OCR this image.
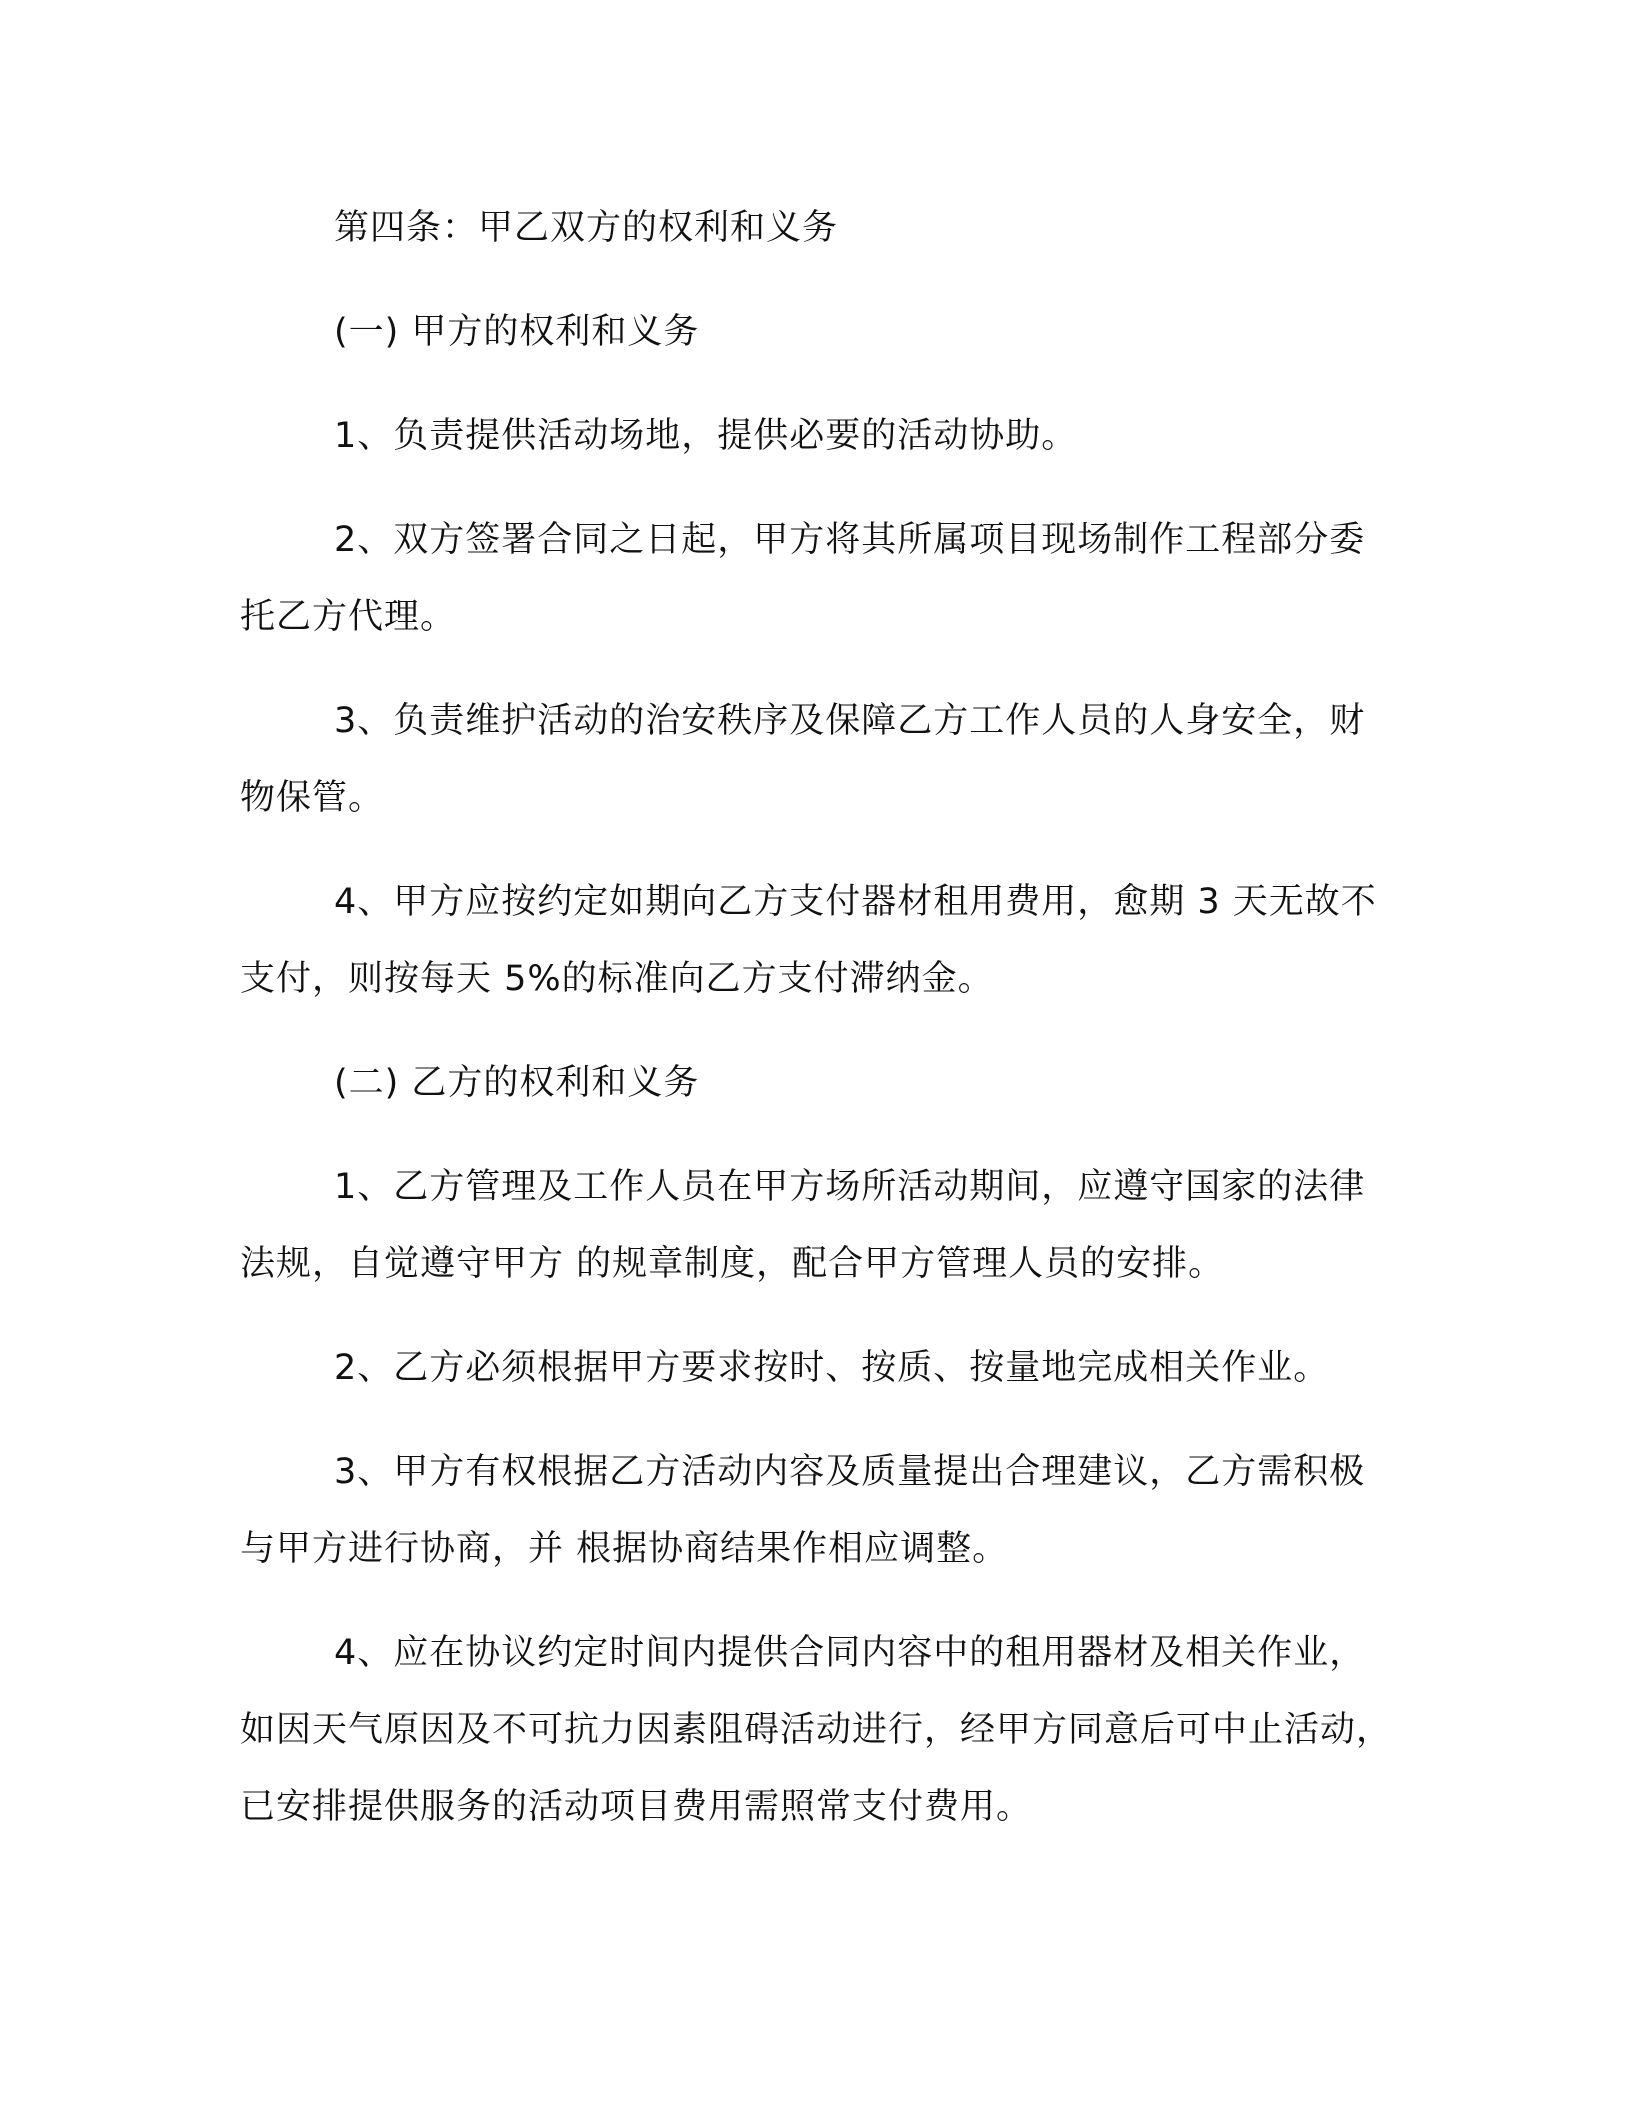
第四条：甲乙双方的权利和义务

(一) 甲方的权利和义务

1、负责提供活动场地，提供必要的活动协助。

2、双方签署合同之日起，甲方将其所属项目现场制作工程部分委托乙方代理。

3、负责维护活动的治安秩序及保障乙方工作人员的人身安全，财物保管。

4、甲方应按约定如期向乙方支付器材租用费用，愈期 3 天无故不支付，则按每天 5%的标准向乙方支付滞纳金。

(二) 乙方的权利和义务

1、乙方管理及工作人员在甲方场所活动期间，应遵守国家的法律法规，自觉遵守甲方 的规章制度，配合甲方管理人员的安排。

2、乙方必须根据甲方要求按时、按质、按量地完成相关作业。

3、甲方有权根据乙方活动内容及质量提出合理建议，乙方需积极与甲方进行协商，并 根据协商结果作相应调整。

4、应在协议约定时间内提供合同内容中的租用器材及相关作业，如因天气原因及不可抗力因素阻碍活动进行，经甲方同意后可中止活动，已安排提供服务的活动项目费用需照常支付费用。
